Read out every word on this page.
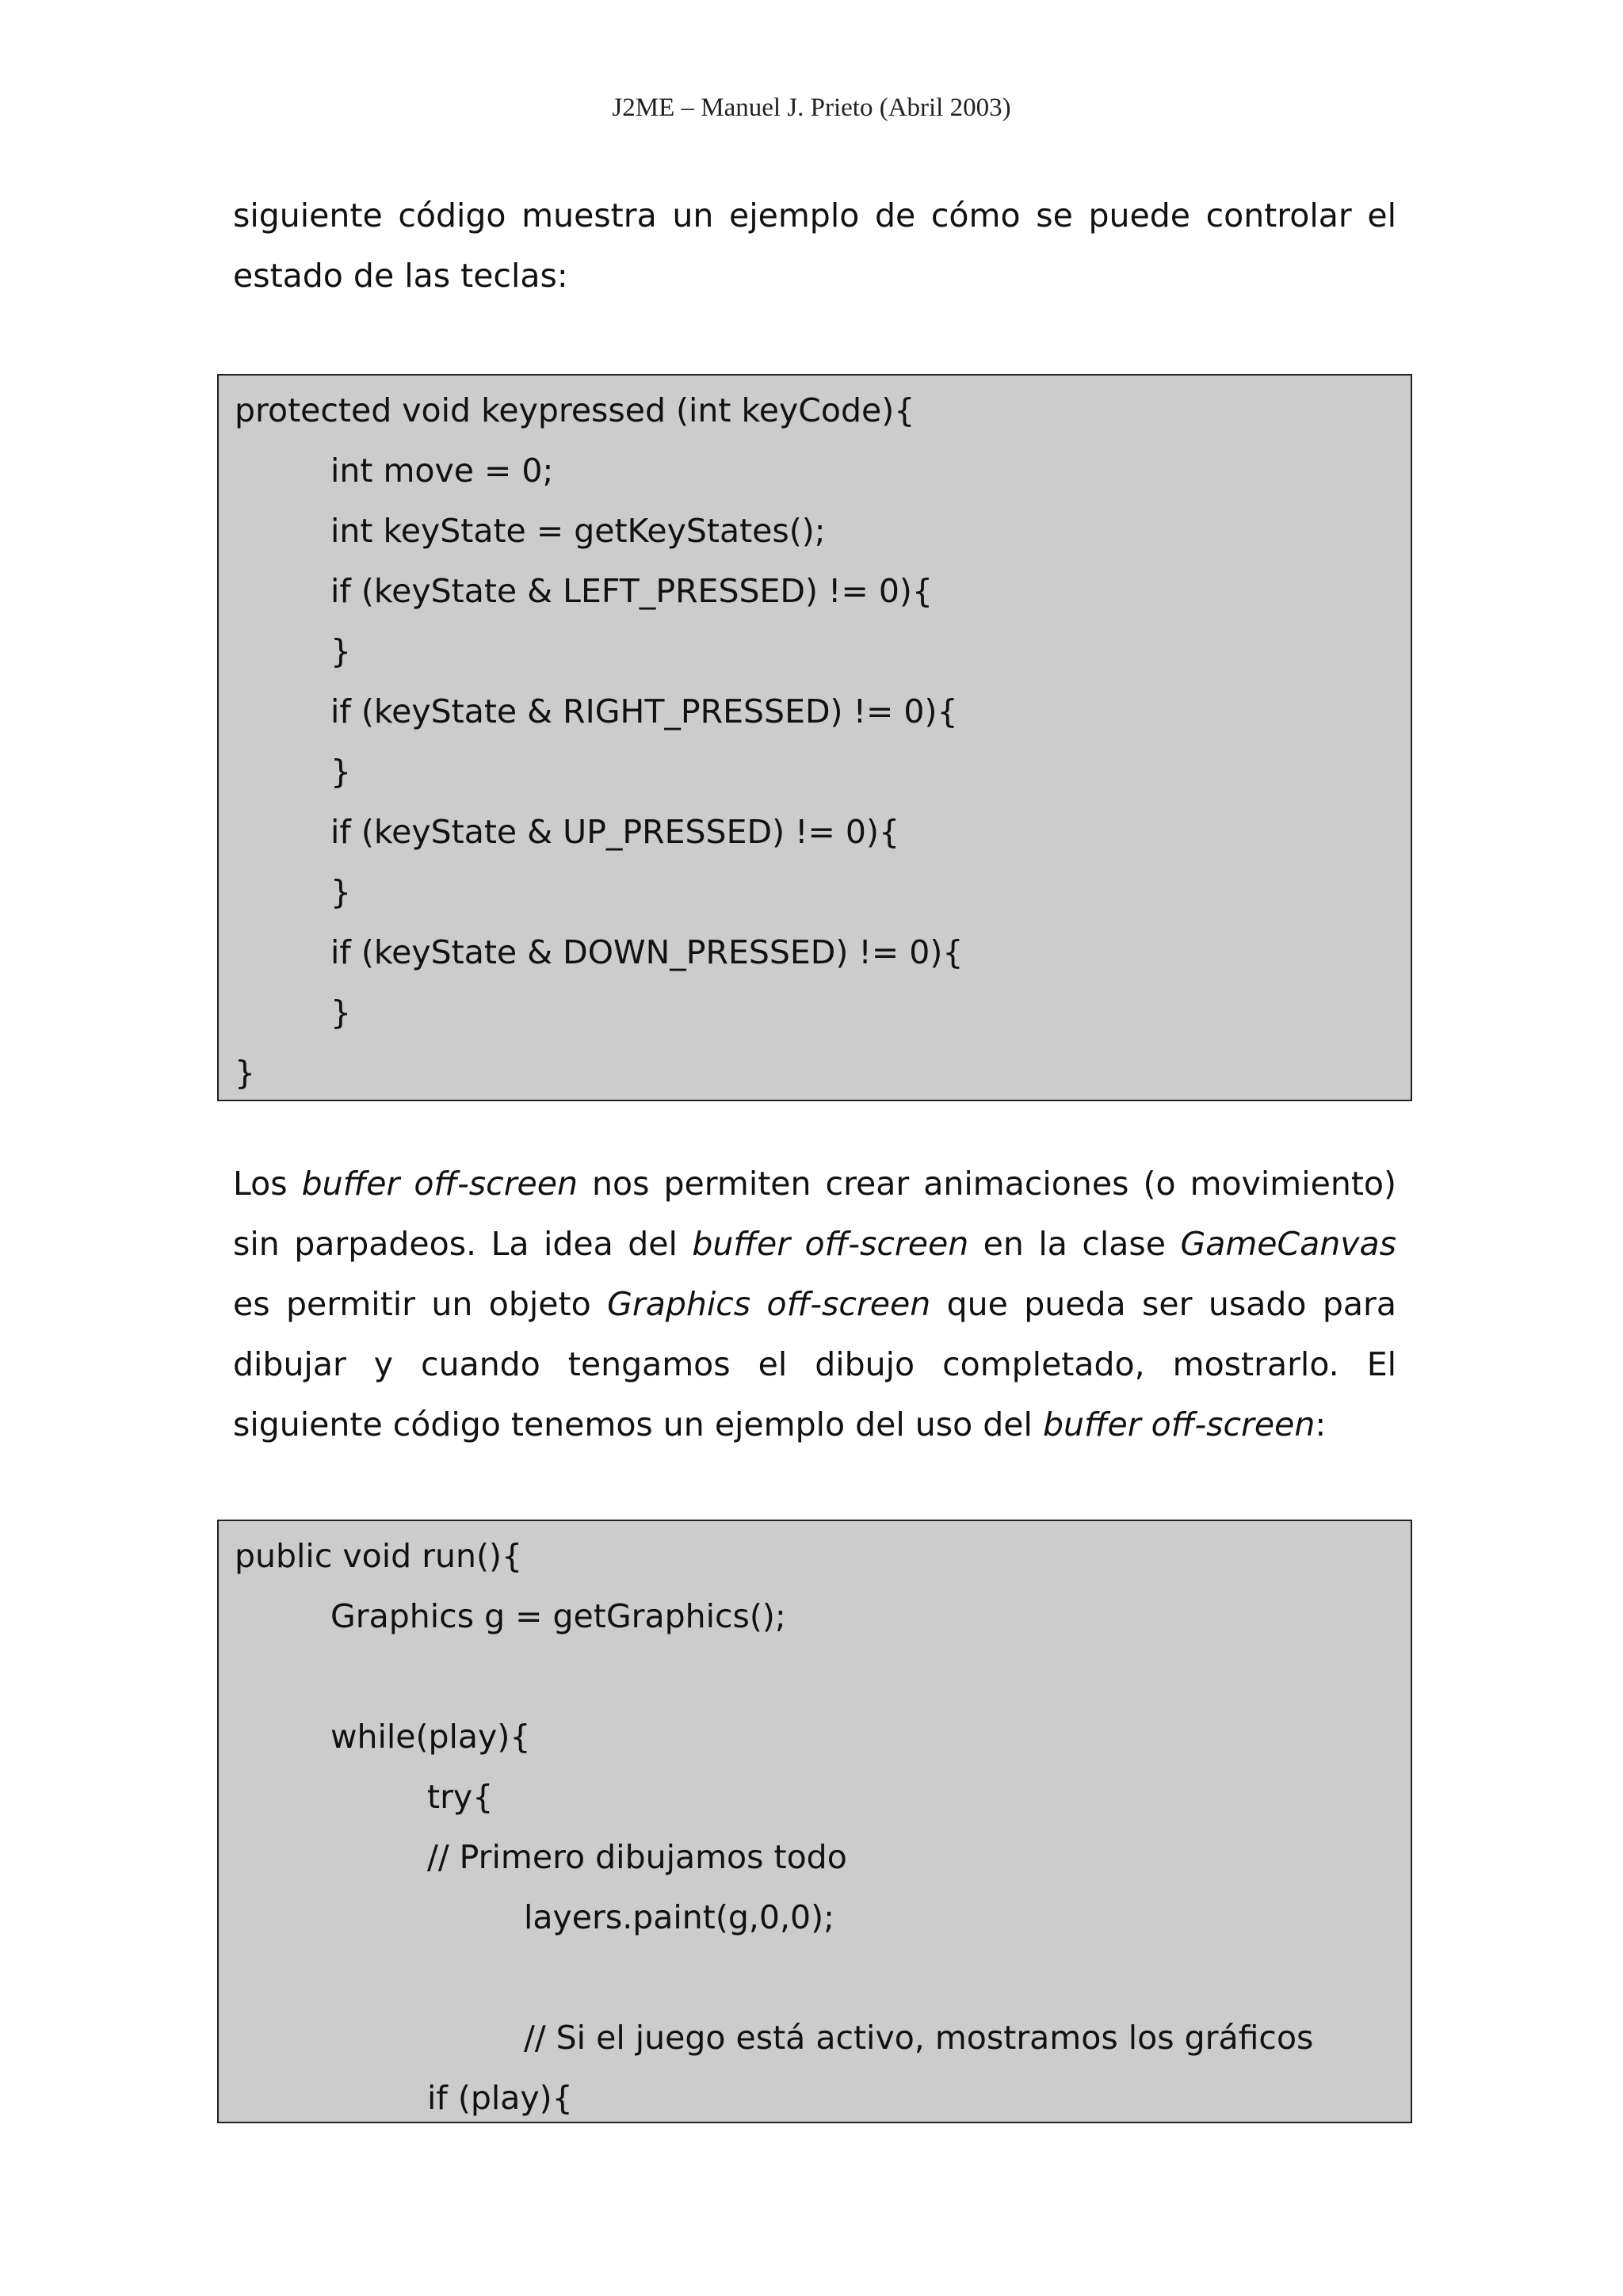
J2ME – Manuel J. Prieto (Abril 2003)
siguiente código muestra un ejemplo de cómo se puede controlar el
estado de las teclas:
protected void keypressed (int keyCode){
int move = 0;
int keyState = getKeyStates();
if (keyState & LEFT_PRESSED) != 0){
}
if (keyState & RIGHT_PRESSED) != 0){
}
if (keyState & UP_PRESSED) != 0){
}
if (keyState & DOWN_PRESSED) != 0){
}
}
Los buffer off-screen nos permiten crear animaciones (o movimiento)
sin parpadeos. La idea del buffer off-screen en la clase GameCanvas
es permitir un objeto Graphics off-screen que pueda ser usado para
dibujar y cuando tengamos el dibujo completado, mostrarlo. El
siguiente código tenemos un ejemplo del uso del buffer off-screen:
public void run(){
Graphics g = getGraphics();
while(play){
try{
// Primero dibujamos todo
layers.paint(g,0,0);
// Si el juego está activo, mostramos los gráficos
if (play){
